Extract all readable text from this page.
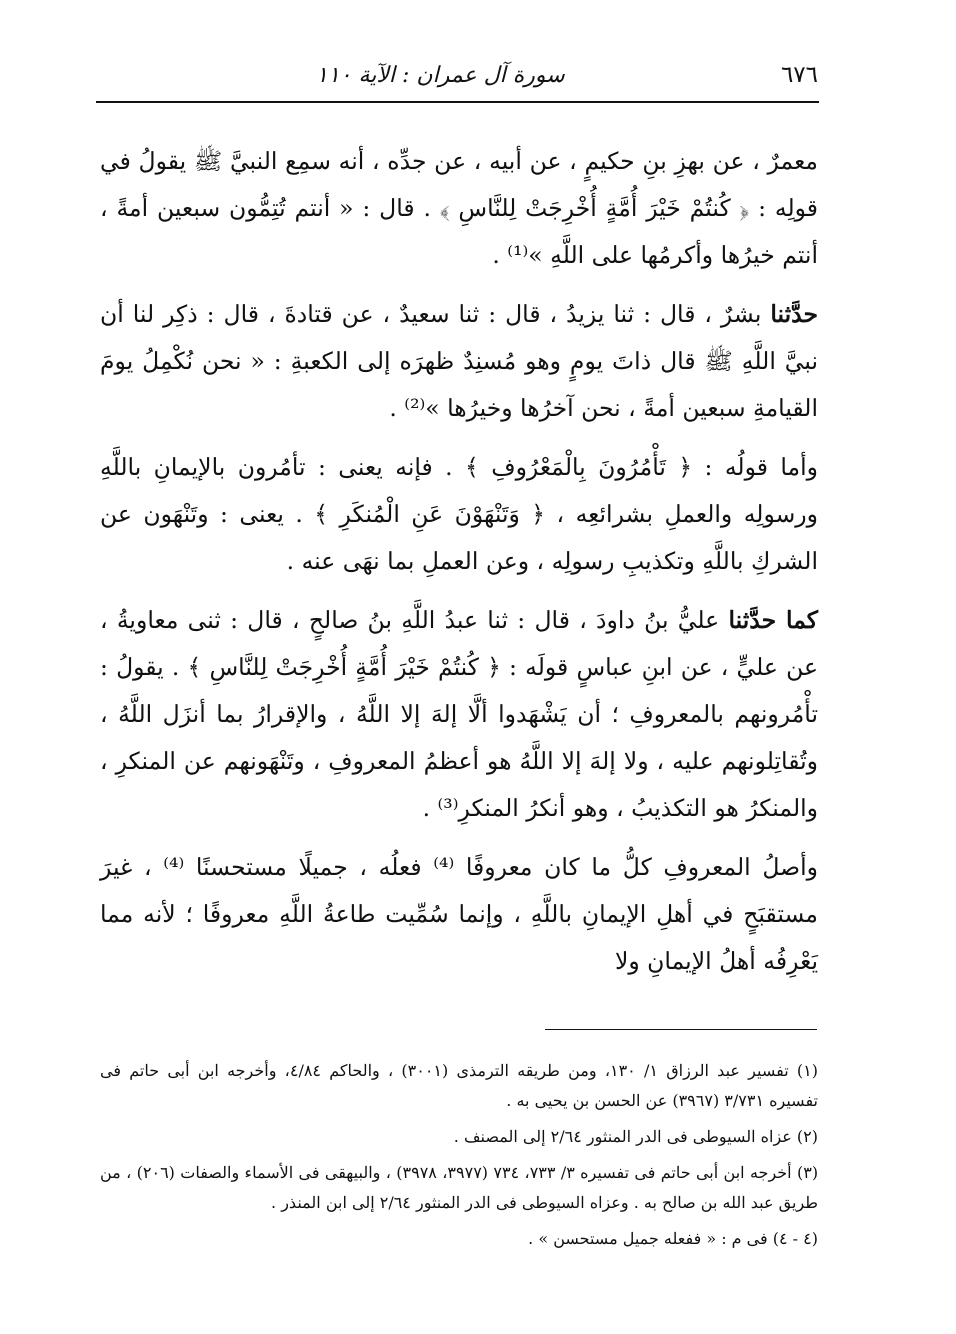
٦٧٦
سورة آل عمران : الآية ١١٠

معمرٌ ، عن بهزِ بنِ حكيمٍ ، عن أبيه ، عن جدِّه ، أنه سمِع النبيَّ ﷺ يقولُ في قولِه : ﴿ كُنتُمْ خَيْرَ أُمَّةٍ أُخْرِجَتْ لِلنَّاسِ ﴾ . قال : « أنتم تُتِمُّون سبعين أمةً ، أنتم خيرُها وأكرمُها على اللَّهِ »⁽¹⁾ .

حدَّثنا بشرٌ ، قال : ثنا يزيدُ ، قال : ثنا سعيدٌ ، عن قتادةَ ، قال : ذكِر لنا أن نبيَّ اللَّهِ ﷺ قال ذاتَ يومٍ وهو مُسنِدٌ ظهرَه إلى الكعبةِ : « نحن نُكْمِلُ يومَ القيامةِ سبعين أمةً ، نحن آخرُها وخيرُها »⁽²⁾ .

وأما قولُه : ﴿ تَأْمُرُونَ بِالْمَعْرُوفِ ﴾ . فإنه يعنى : تأمُرون بالإيمانِ باللَّهِ ورسولِه والعملِ بشرائعِه ، ﴿ وَتَنْهَوْنَ عَنِ الْمُنكَرِ ﴾ . يعنى : وتَنْهَون عن الشركِ باللَّهِ وتكذيبِ رسولِه ، وعن العملِ بما نهَى عنه .

كما حدَّثنا عليُّ بنُ داودَ ، قال : ثنا عبدُ اللَّهِ بنُ صالحٍ ، قال : ثنى معاويةُ ، عن عليٍّ ، عن ابنِ عباسٍ قولَه : ﴿ كُنتُمْ خَيْرَ أُمَّةٍ أُخْرِجَتْ لِلنَّاسِ ﴾ . يقولُ : تأْمُرونهم بالمعروفِ ؛ أن يَشْهَدوا ألَّا إلهَ إلا اللَّهُ ، والإقرارُ بما أنزَل اللَّهُ ، وتُقاتِلونهم عليه ، ولا إلهَ إلا اللَّهُ هو أعظمُ المعروفِ ، وتَنْهَونهم عن المنكرِ ، والمنكرُ هو التكذيبُ ، وهو أنكرُ المنكرِ⁽³⁾ .

وأصلُ المعروفِ كلُّ ما كان معروفًا ⁽⁴⁾ فعلُه ، جميلًا مستحسنًا ⁽⁴⁾ ، غيرَ مستقبَحٍ في أهلِ الإيمانِ باللَّهِ ، وإنما سُمِّيت طاعةُ اللَّهِ معروفًا ؛ لأنه مما يَعْرِفُه أهلُ الإيمانِ ولا

(١) تفسير عبد الرزاق ١/ ١٣٠، ومن طريقه الترمذى (٣٠٠١) ، والحاكم ٤/٨٤، وأخرجه ابن أبى حاتم فى تفسيره ٣/٧٣١ (٣٩٦٧) عن الحسن بن يحيى به .

(٢) عزاه السيوطى فى الدر المنثور ٢/٦٤ إلى المصنف .

(٣) أخرجه ابن أبى حاتم فى تفسيره ٣/ ٧٣٣، ٧٣٤ (٣٩٧٧، ٣٩٧٨) ، والبيهقى فى الأسماء والصفات (٢٠٦) ، من طريق عبد الله بن صالح به . وعزاه السيوطى فى الدر المنثور ٢/٦٤ إلى ابن المنذر .

(٤ - ٤) فى م : « ففعله جميل مستحسن » .
